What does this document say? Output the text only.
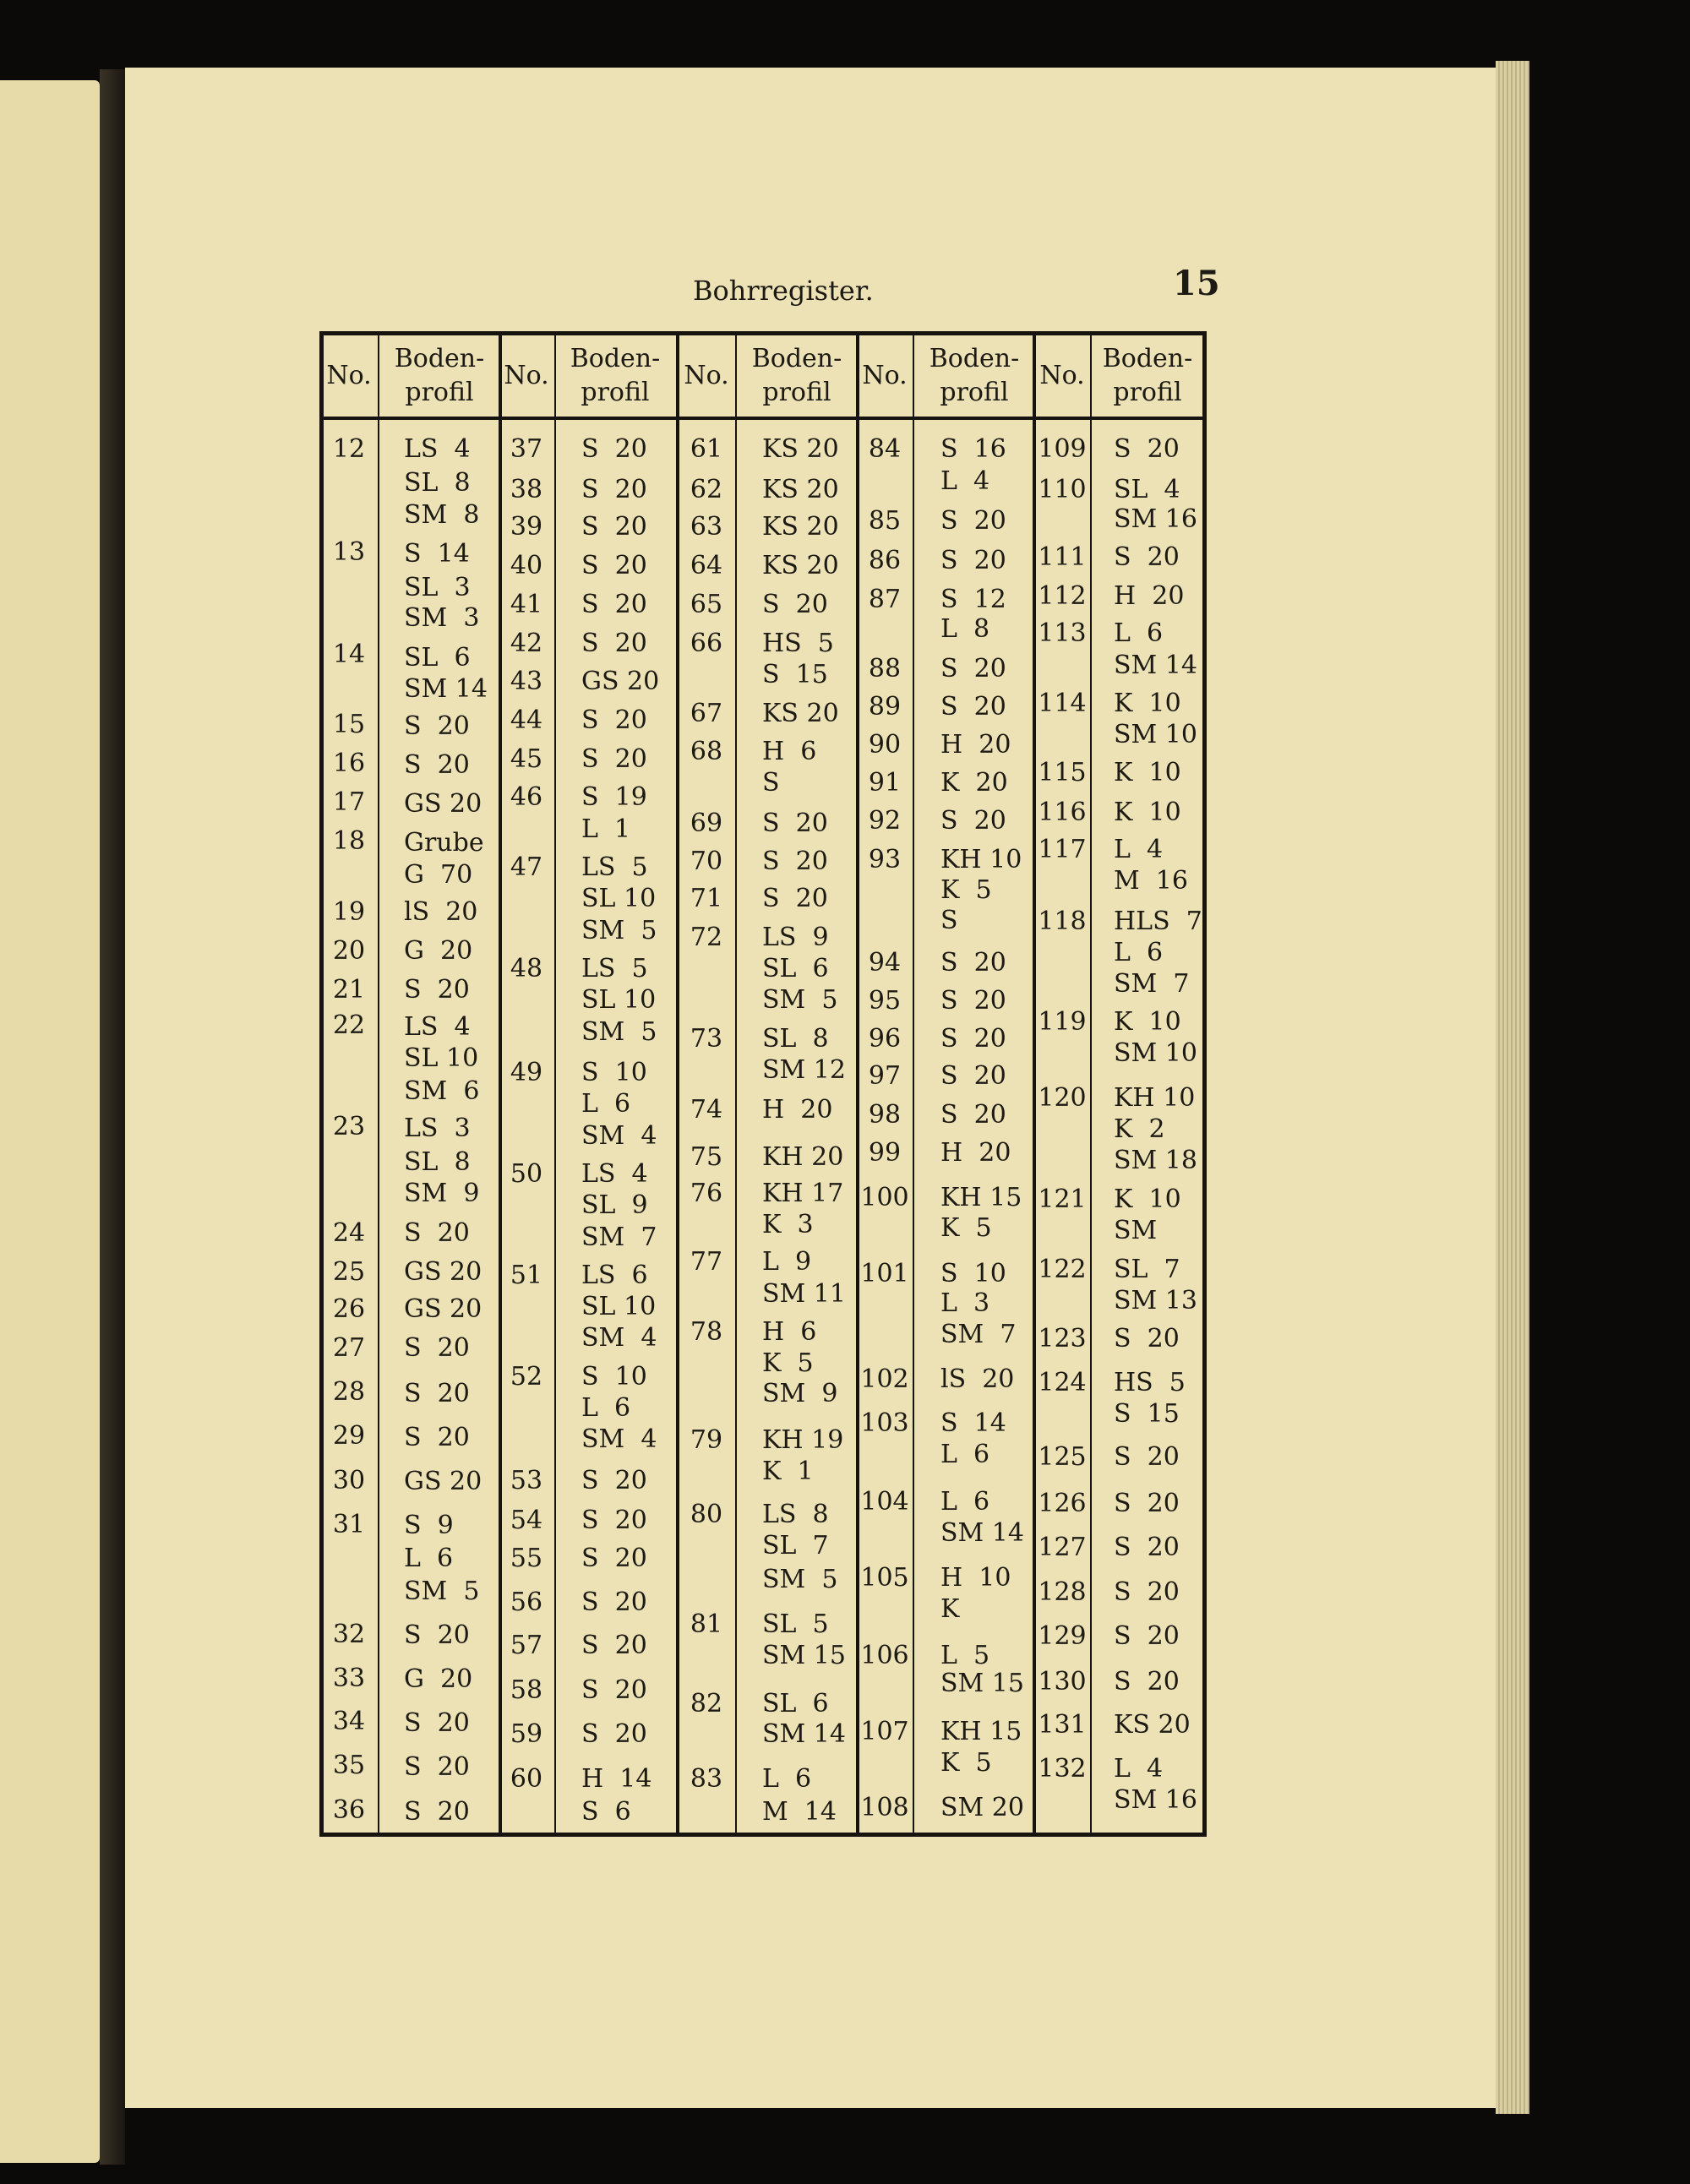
Bohrregister.	15
No.
Boden-
profil
No.
Boden-
profil
No.
Boden-
profil
No.
Boden-
profil
No.
Boden-
profil
12
13
14
15
16
17
18
19
20
21
22
23
24
25
26
27
28
29
30
31
32
33
34
35
36
LS  4
SL  8
SM  8
S  14
SL  3
SM  3
SL  6
SM 14
S  20
S  20
GS 20
Grube
G  70
lS  20
G  20
S  20
LS  4
SL 10
SM  6
LS  3
SL  8
SM  9
S  20
GS 20
GS 20
S  20
S  20
S  20
GS 20
S  9
L  6
SM  5
S  20
G  20
S  20
S  20
S  20
37
38
39
40
41
42
43
44
45
46
47
48
49
50
51
52
53
54
55
56
57
58
59
60
S  20
S  20
S  20
S  20
S  20
S  20
GS 20
S  20
S  20
S  19
L  1
LS  5
SL 10
SM  5
LS  5
SL 10
SM  5
S  10
L  6
SM  4
LS  4
SL  9
SM  7
LS  6
SL 10
SM  4
S  10
L  6
SM  4
S  20
S  20
S  20
S  20
S  20
S  20
S  20
H  14
S  6
61
62
63
64
65
66
67
68
69
70
71
72
73
74
75
76
77
78
79
80
81
82
83
KS 20
KS 20
KS 20
KS 20
S  20
HS  5
S  15
KS 20
H  6
S
S  20
S  20
S  20
LS  9
SL  6
SM  5
SL  8
SM 12
H  20
KH 20
KH 17
K  3
L  9
SM 11
H  6
K  5
SM  9
KH 19
K  1
LS  8
SL  7
SM  5
SL  5
SM 15
SL  6
SM 14
L  6
M  14
84
85
86
87
88
89
90
91
92
93
94
95
96
97
98
99
100
101
102
103
104
105
106
107
108
S  16
L  4
S  20
S  20
S  12
L  8
S  20
S  20
H  20
K  20
S  20
KH 10
K  5
S
S  20
S  20
S  20
S  20
S  20
H  20
KH 15
K  5
S  10
L  3
SM  7
lS  20
S  14
L  6
L  6
SM 14
H  10
K
L  5
SM 15
KH 15
K  5
SM 20
109
110
111
112
113
114
115
116
117
118
119
120
121
122
123
124
125
126
127
128
129
130
131
132
S  20
SL  4
SM 16
S  20
H  20
L  6
SM 14
K  10
SM 10
K  10
K  10
L  4
M  16
HLS  7
L  6
SM  7
K  10
SM 10
KH 10
K  2
SM 18
K  10
SM
SL  7
SM 13
S  20
HS  5
S  15
S  20
S  20
S  20
S  20
S  20
S  20
KS 20
L  4
SM 16
